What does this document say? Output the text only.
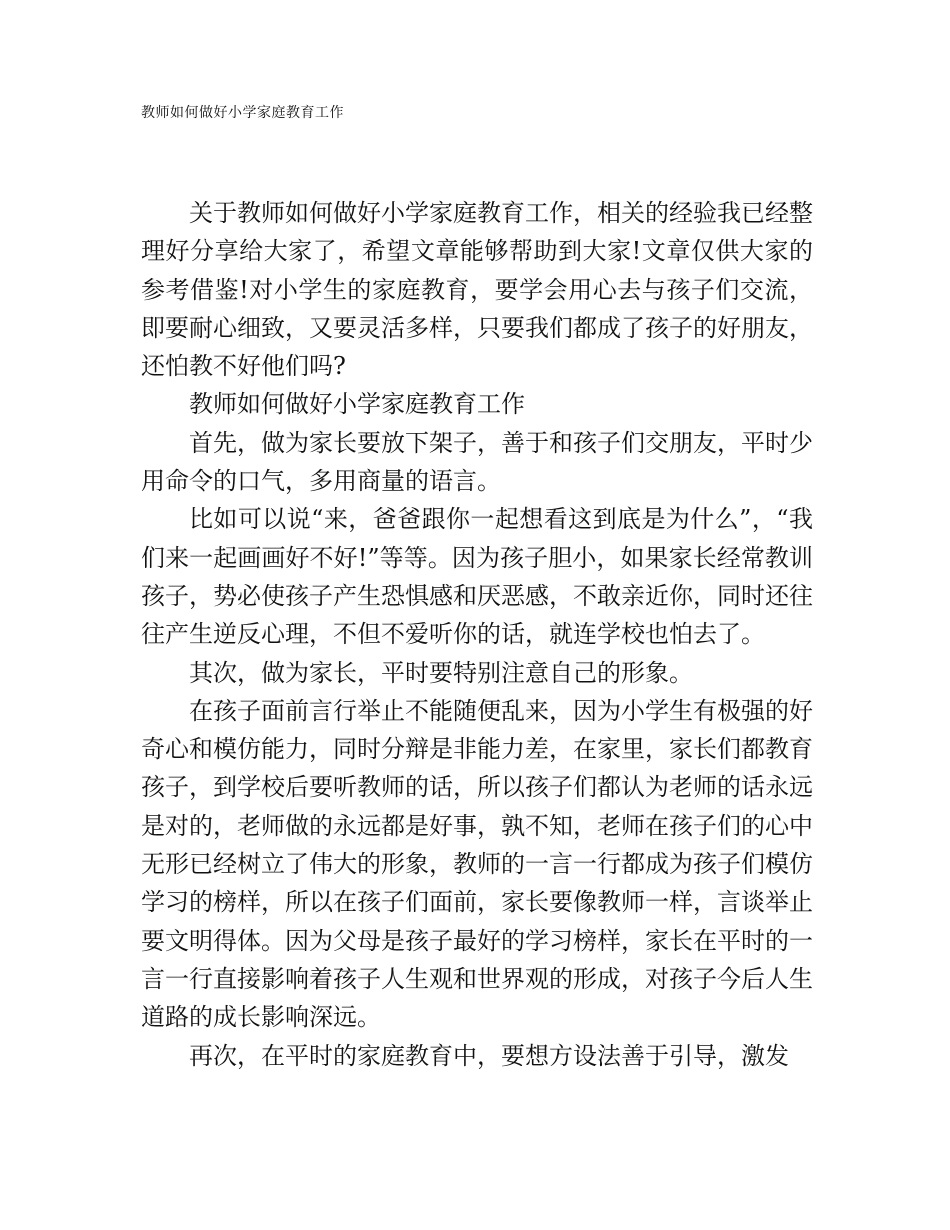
教师如何做好小学家庭教育工作

关于教师如何做好小学家庭教育工作，相关的经验我已经整理好分享给大家了，希望文章能够帮助到大家!文章仅供大家的参考借鉴!对小学生的家庭教育，要学会用心去与孩子们交流，即要耐心细致，又要灵活多样，只要我们都成了孩子的好朋友，还怕教不好他们吗?

教师如何做好小学家庭教育工作

首先，做为家长要放下架子，善于和孩子们交朋友，平时少用命令的口气，多用商量的语言。

比如可以说“来，爸爸跟你一起想看这到底是为什么”，“我们来一起画画好不好!”等等。因为孩子胆小，如果家长经常教训孩子，势必使孩子产生恐惧感和厌恶感，不敢亲近你，同时还往往产生逆反心理，不但不爱听你的话，就连学校也怕去了。

其次，做为家长，平时要特别注意自己的形象。

在孩子面前言行举止不能随便乱来，因为小学生有极强的好奇心和模仿能力，同时分辩是非能力差，在家里，家长们都教育孩子，到学校后要听教师的话，所以孩子们都认为老师的话永远是对的，老师做的永远都是好事，孰不知，老师在孩子们的心中无形已经树立了伟大的形象，教师的一言一行都成为孩子们模仿学习的榜样，所以在孩子们面前，家长要像教师一样，言谈举止要文明得体。因为父母是孩子最好的学习榜样，家长在平时的一言一行直接影响着孩子人生观和世界观的形成，对孩子今后人生道路的成长影响深远。

再次，在平时的家庭教育中，要想方设法善于引导，激发
